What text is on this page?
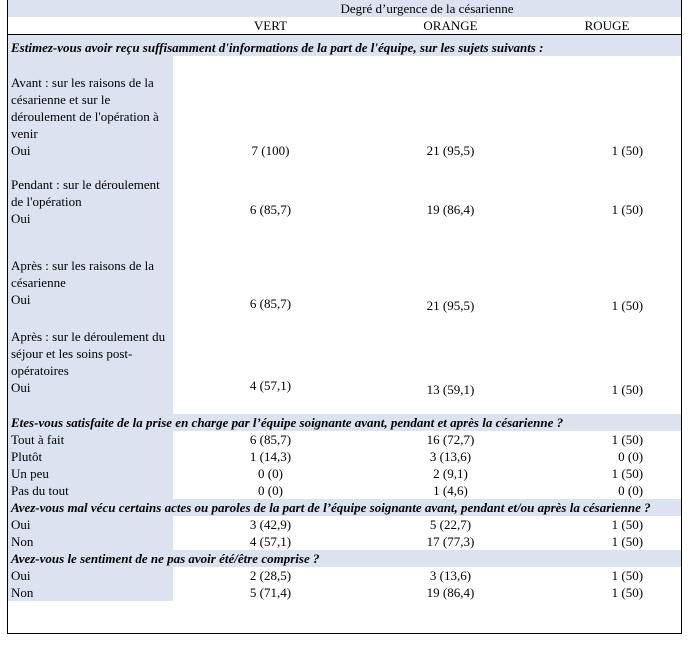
	Degré d’urgence de la césarienne		
	VERT	ORANGE	ROUGE
Estimez-vous avoir reçu suffisamment d'informations de la part de l'équipe, sur les sujets suivants :			
Avant : sur les raisons de la césarienne et sur le déroulement de l'opération à venir
Oui	7 (100)	21 (95,5)	1 (50)
Pendant : sur le déroulement de l'opération
Oui	6 (85,7)	19 (86,4)	1 (50)
Après : sur les raisons de la césarienne
Oui	6 (85,7)	21 (95,5)	1 (50)
Après : sur le déroulement du séjour et les soins post-opératoires
Oui	4 (57,1)	13 (59,1)	1 (50)
Etes-vous satisfaite de la prise en charge par l’équipe soignante avant, pendant et après la césarienne ?			
Tout à fait	6 (85,7)	16 (72,7)	1 (50)
Plutôt	1 (14,3)	3 (13,6)	0 (0)
Un peu	0 (0)	2 (9,1)	1 (50)
Pas du tout	0 (0)	1 (4,6)	0 (0)
Avez-vous mal vécu certains actes ou paroles de la part de l’équipe soignante avant, pendant et/ou après la césarienne ?			
Oui	3 (42,9)	5 (22,7)	1 (50)
Non	4 (57,1)	17 (77,3)	1 (50)
Avez-vous le sentiment de ne pas avoir été/être comprise ?			
Oui	2 (28,5)	3 (13,6)	1 (50)
Non	5 (71,4)	19 (86,4)	1 (50)
